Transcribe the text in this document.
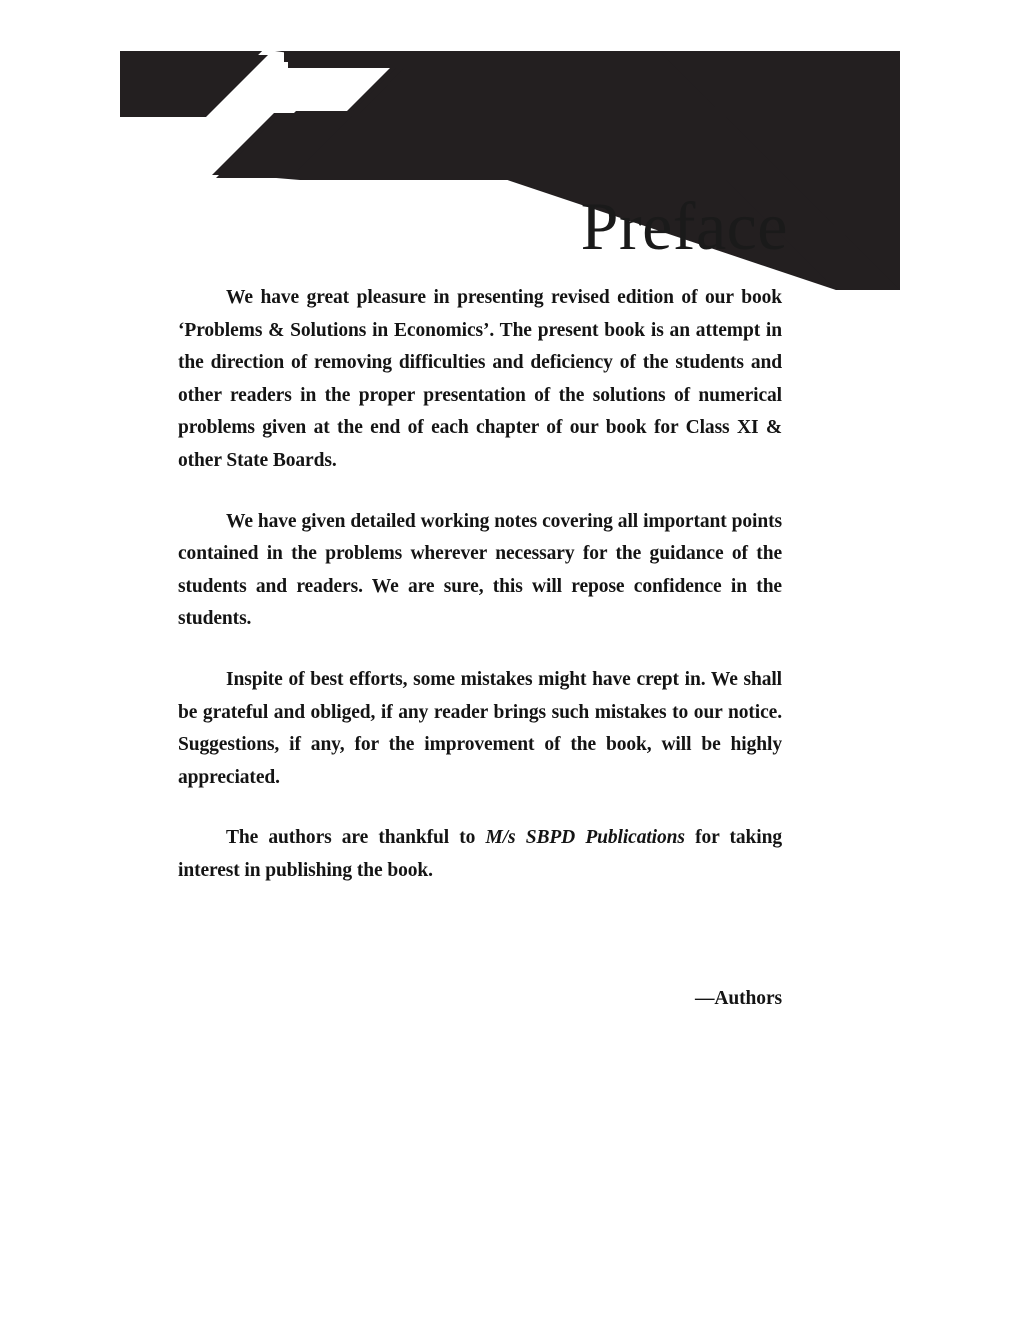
Preface

We have great pleasure in presenting revised edition of our book ‘Problems & Solutions in Economics’. The present book is an attempt in the direction of removing difficulties and deficiency of the students and other readers in the proper presentation of the solutions of numerical problems given at the end of each chapter of our book for Class XI & other State Boards.

We have given detailed working notes covering all important points contained in the problems wherever necessary for the guidance of the students and readers. We are sure, this will repose confidence in the students.

Inspite of best efforts, some mistakes might have crept in. We shall be grateful and obliged, if any reader brings such mistakes to our notice. Suggestions, if any, for the improvement of the book, will be highly appreciated.

The authors are thankful to M/s SBPD Publications for taking interest in publishing the book.

—Authors
